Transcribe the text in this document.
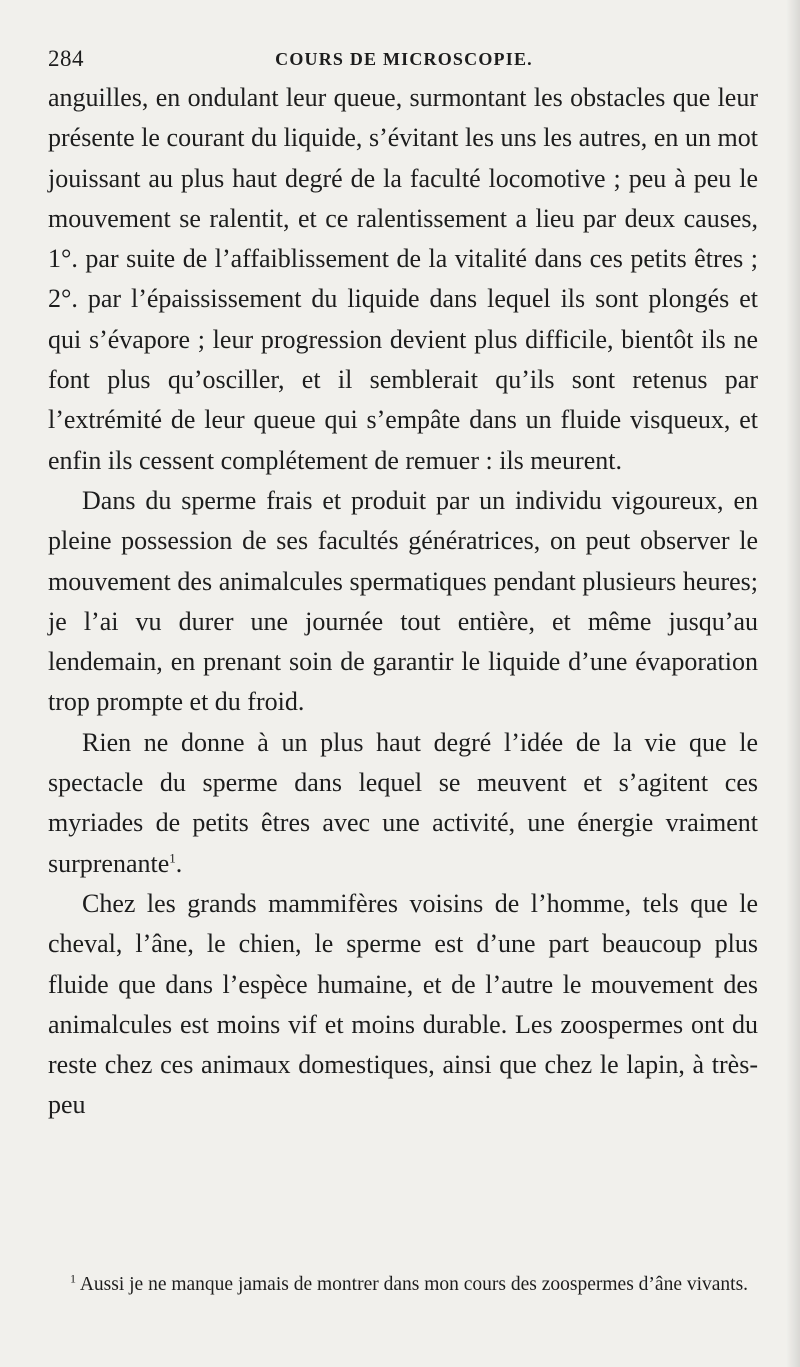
284	COURS DE MICROSCOPIE.

anguilles, en ondulant leur queue, surmontant les obstacles que leur présente le courant du liquide, s’évitant les uns les autres, en un mot jouissant au plus haut degré de la faculté locomotive ; peu à peu le mouvement se ralentit, et ce ralentissement a lieu par deux causes, 1°. par suite de l’affaiblissement de la vitalité dans ces petits êtres ; 2°. par l’épaississement du liquide dans lequel ils sont plongés et qui s’évapore ; leur progression devient plus difficile, bientôt ils ne font plus qu’osciller, et il semblerait qu’ils sont retenus par l’extrémité de leur queue qui s’empâte dans un fluide visqueux, et enfin ils cessent complétement de remuer : ils meurent.

Dans du sperme frais et produit par un individu vigoureux, en pleine possession de ses facultés génératrices, on peut observer le mouvement des animalcules spermatiques pendant plusieurs heures; je l’ai vu durer une journée tout entière, et même jusqu’au lendemain, en prenant soin de garantir le liquide d’une évaporation trop prompte et du froid.

Rien ne donne à un plus haut degré l’idée de la vie que le spectacle du sperme dans lequel se meuvent et s’agitent ces myriades de petits êtres avec une activité, une énergie vraiment surprenante$^1$.

Chez les grands mammifères voisins de l’homme, tels que le cheval, l’âne, le chien, le sperme est d’une part beaucoup plus fluide que dans l’espèce humaine, et de l’autre le mouvement des animalcules est moins vif et moins durable. Les zoospermes ont du reste chez ces animaux domestiques, ainsi que chez le lapin, à très-peu

$^1$ Aussi je ne manque jamais de montrer dans mon cours des zoospermes d’âne vivants.
